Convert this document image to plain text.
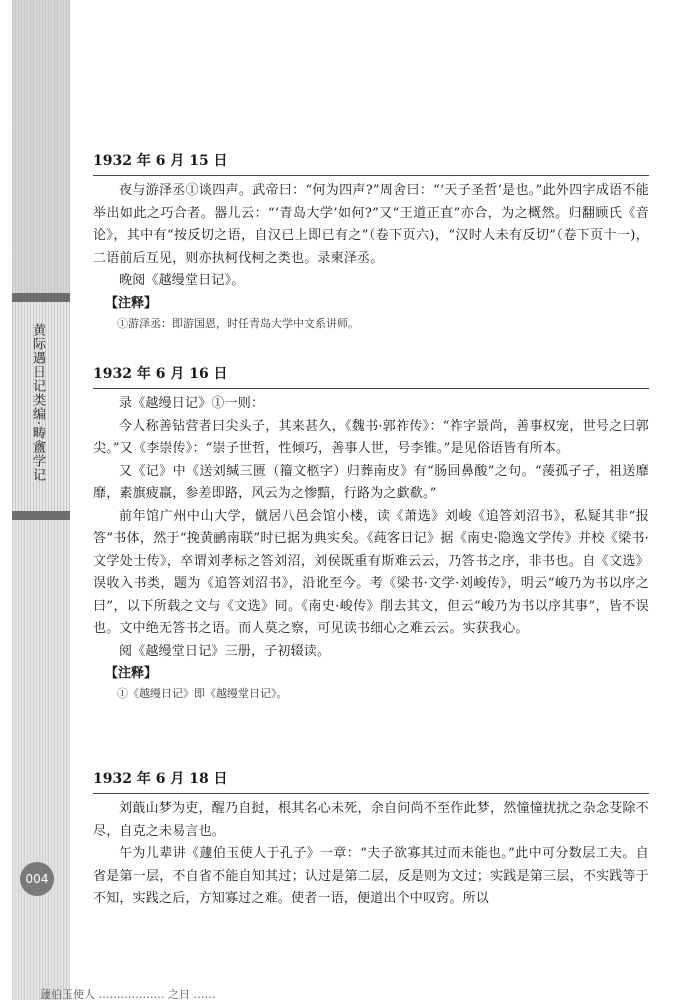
黄际遇日记类编·畴盦学记
004

1932 年 6 月 15 日

夜与游泽丞①谈四声。武帝曰：“何为四声?”周舍曰：“‘天子圣哲’是也。”此外四字成语不能举出如此之巧合者。器儿云：“‘青岛大学’如何?”又“王道正直”亦合，为之概然。归翻顾氏《音论》，其中有“按反切之语，自汉已上即已有之”（卷下页六)，“汉时人未有反切”（卷下页十一)，二语前后互见，则亦执柯伐柯之类也。录柬泽丞。

晚阅《越缦堂日记》。

【注释】

①游泽丞：即游国恩，时任青岛大学中文系讲师。

1932 年 6 月 16 日

录《越缦日记》①一则：

今人称善钻营者曰尖头子，其来甚久，《魏书·郭祚传》：“祚字景尚，善事权宠，世号之曰郭尖。”又《李崇传》：“崇子世哲，性倾巧，善事人世，号李锥。”是见俗语皆有所本。

又《记》中《送刘缄三匮（籀文柩字）归葬南皮》有“肠回鼻酸”之句。“蔆孤孑孑，祖送靡靡，素旗疲羸，参差即路，风云为之惨黯，行路为之歔欷。”

前年馆广州中山大学，僦居八邑会馆小楼，读《萧选》刘峻《追答刘沼书》，私疑其非“报答”书体，然于“挽黄鹂南联”时已据为典实矣。《莼客日记》据《南史·隐逸文学传》并校《梁书·文学处士传》，卒谓刘孝标之答刘沼，刘侯既重有斯难云云，乃答书之序，非书也。自《文选》误收入书类，题为《追答刘沼书》，沿讹至今。考《梁书·文学·刘峻传》，明云“峻乃为书以序之曰”，以下所载之文与《文选》同。《南史·峻传》削去其文，但云“峻乃为书以序其事”，皆不误也。文中绝无答书之语。而人莫之察，可见读书细心之难云云。实获我心。

阅《越缦堂日记》三册，子初辍读。

【注释】

①《越缦日记》即《越缦堂日记》。

1932 年 6 月 18 日

刘蕺山梦为吏，醒乃自挝，根其名心未死，余自问尚不至作此梦，然憧憧扰扰之杂念芟除不尽，自克之未易言也。

午为儿辈讲《蘧伯玉使人于孔子》一章：“夫子欲寡其过而未能也。”此中可分数层工夫。自省是第一层，不自省不能自知其过；认过是第二层，反是则为文过；实践是第三层，不实践等于不知，实践之后，方知寡过之难。使者一语，便道出个中叹窍。所以

蘧伯玉使人 ……………… 之日 ……
